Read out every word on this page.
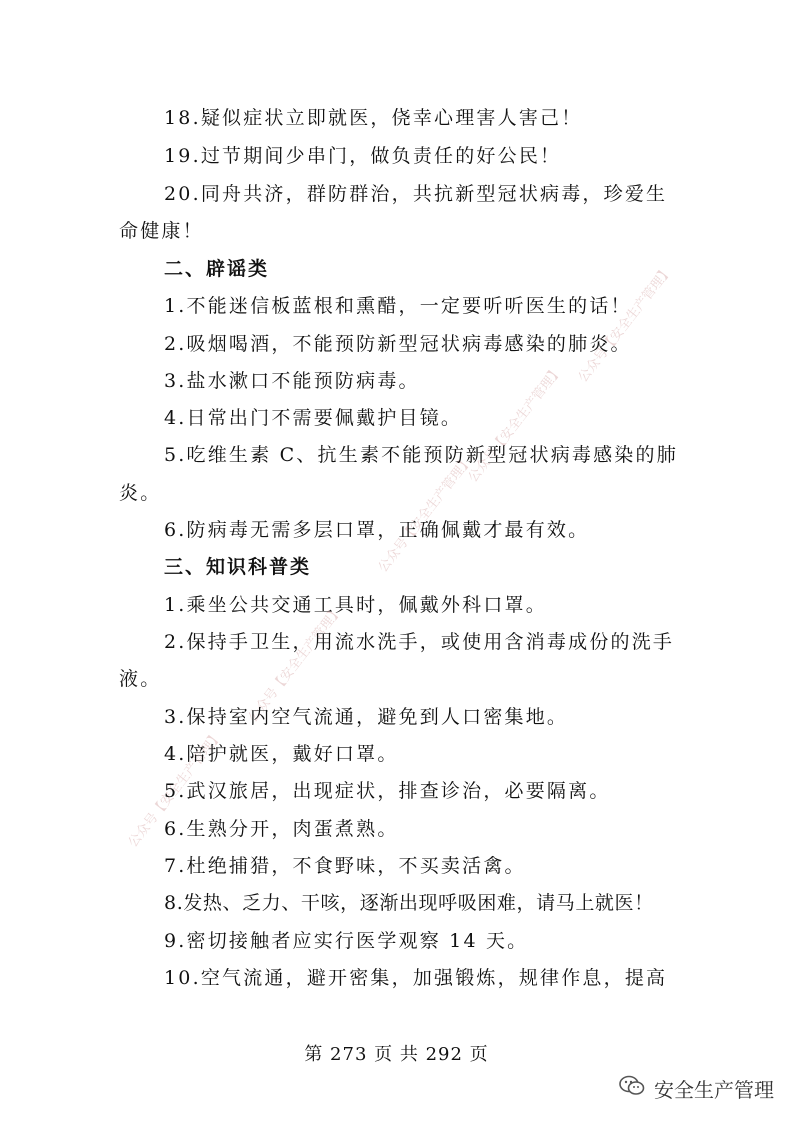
公众号【安全生产管理】
公众号【安全生产管理】
公众号【安全生产管理】
公众号【安全生产管理】
公众号【安全生产管理】
18.疑似症状立即就医，侥幸心理害人害己！
19.过节期间少串门，做负责任的好公民！
20.同舟共济，群防群治，共抗新型冠状病毒，珍爱生
命健康！
二、辟谣类
1.不能迷信板蓝根和熏醋，一定要听听医生的话！
2.吸烟喝酒，不能预防新型冠状病毒感染的肺炎。
3.盐水漱口不能预防病毒。
4.日常出门不需要佩戴护目镜。
5.吃维生素 C、抗生素不能预防新型冠状病毒感染的肺
炎。
6.防病毒无需多层口罩，正确佩戴才最有效。
三、知识科普类
1.乘坐公共交通工具时，佩戴外科口罩。
2.保持手卫生，用流水洗手，或使用含消毒成份的洗手
液。
3.保持室内空气流通，避免到人口密集地。
4.陪护就医，戴好口罩。
5.武汉旅居，出现症状，排查诊治，必要隔离。
6.生熟分开，肉蛋煮熟。
7.杜绝捕猎，不食野味，不买卖活禽。
8.发热、乏力、干咳，逐渐出现呼吸困难，请马上就医！
9.密切接触者应实行医学观察 14 天。
10.空气流通，避开密集，加强锻炼，规律作息，提高
第 273 页 共 292 页
安全生产管理
